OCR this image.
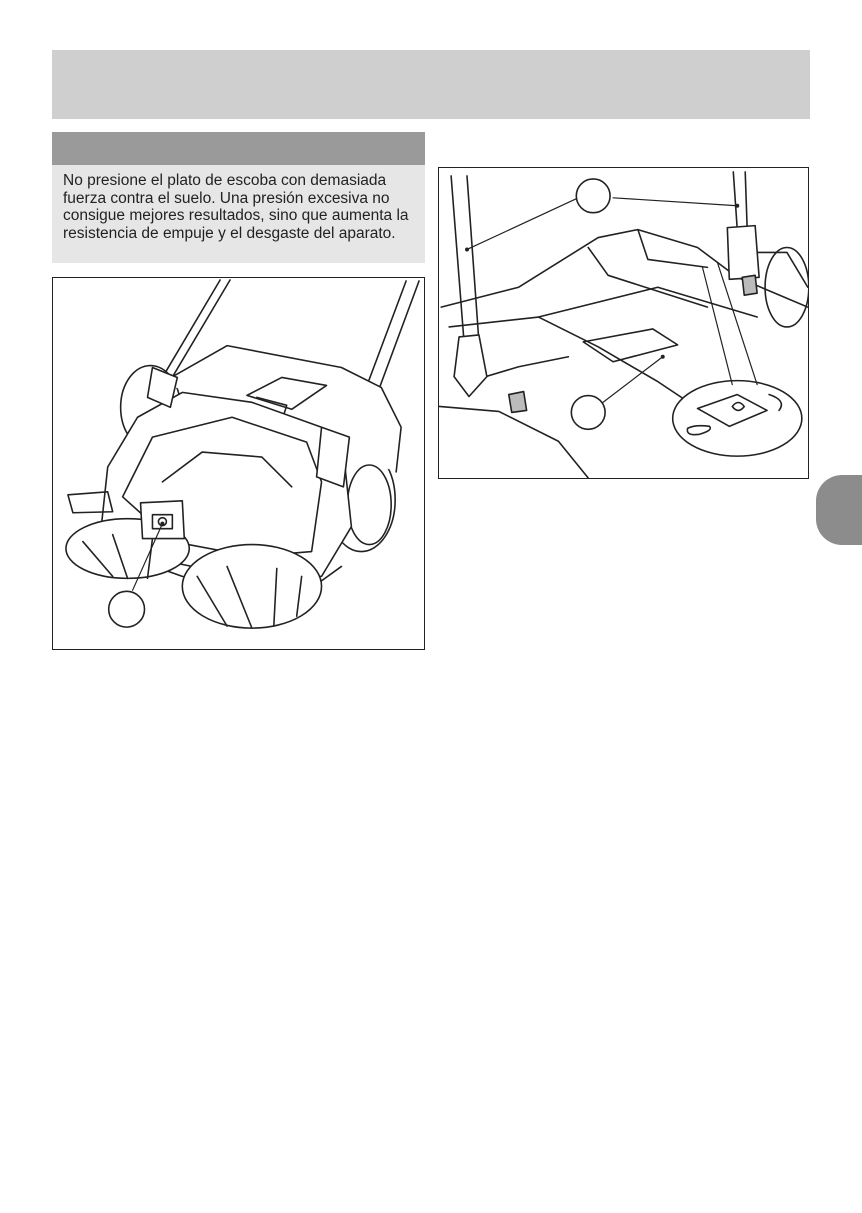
No presione el plato de escoba con demasiada fuerza contra el suelo. Una presión excesiva no consigue mejores resultados, sino que aumenta la resistencia de empuje y el desgaste del aparato.
